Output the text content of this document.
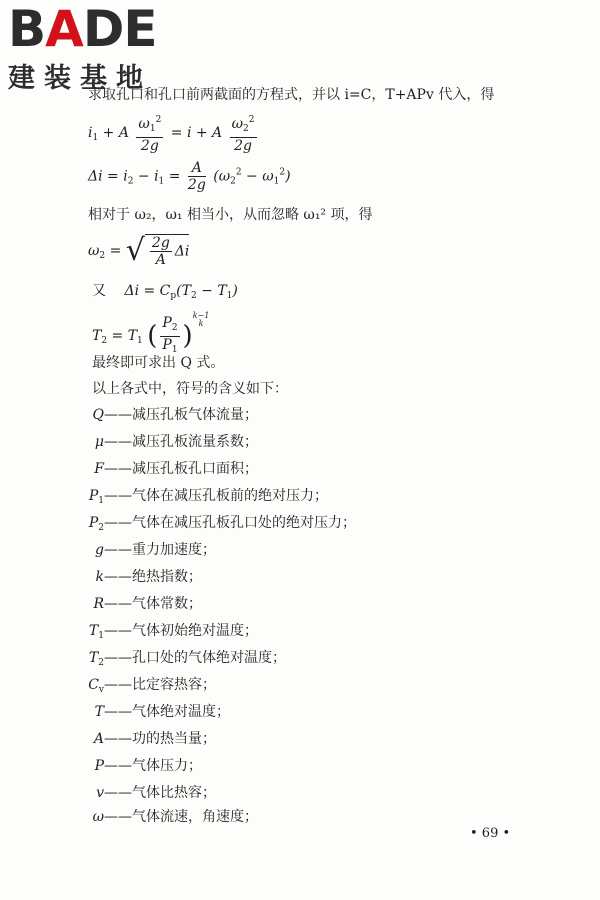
BADE
建装基地
求取孔口和孔口前两截面的方程式，并以 i=C，T+APv 代入，得
$i_1 + A \frac{\omega_1^2}{2g} = i + A \frac{\omega_2^2}{2g}$
$\Delta i = i_2 - i_1 = \frac{A}{2g} (\omega_2^2 - \omega_1^2)$
相对于 ω₂，ω₁ 相当小，从而忽略 ω₁² 项，得
$\omega_2$ = √ $\frac{2g}{A}$ Δi
又 $\Delta i = C_p(T_2 - T_1)$
$T_2 = T_1$ ( $\frac{P_2}{P_1}$ )
k−1
k
最终即可求出 Q 式。
以上各式中，符号的含义如下：
Q——减压孔板气体流量；
μ——减压孔板流量系数；
F——减压孔板孔口面积；
$P_1——$气体在减压孔板前的绝对压力；
$P_2——$气体在减压孔板孔口处的绝对压力；
g——重力加速度；
k——绝热指数；
R——气体常数；
$T_1——$气体初始绝对温度；
$T_2——$孔口处的气体绝对温度；
$C_v——$比定容热容；
T——气体绝对温度；
A——功的热当量；
P——气体压力；
v——气体比热容；
ω——气体流速，角速度；
• 69 •
